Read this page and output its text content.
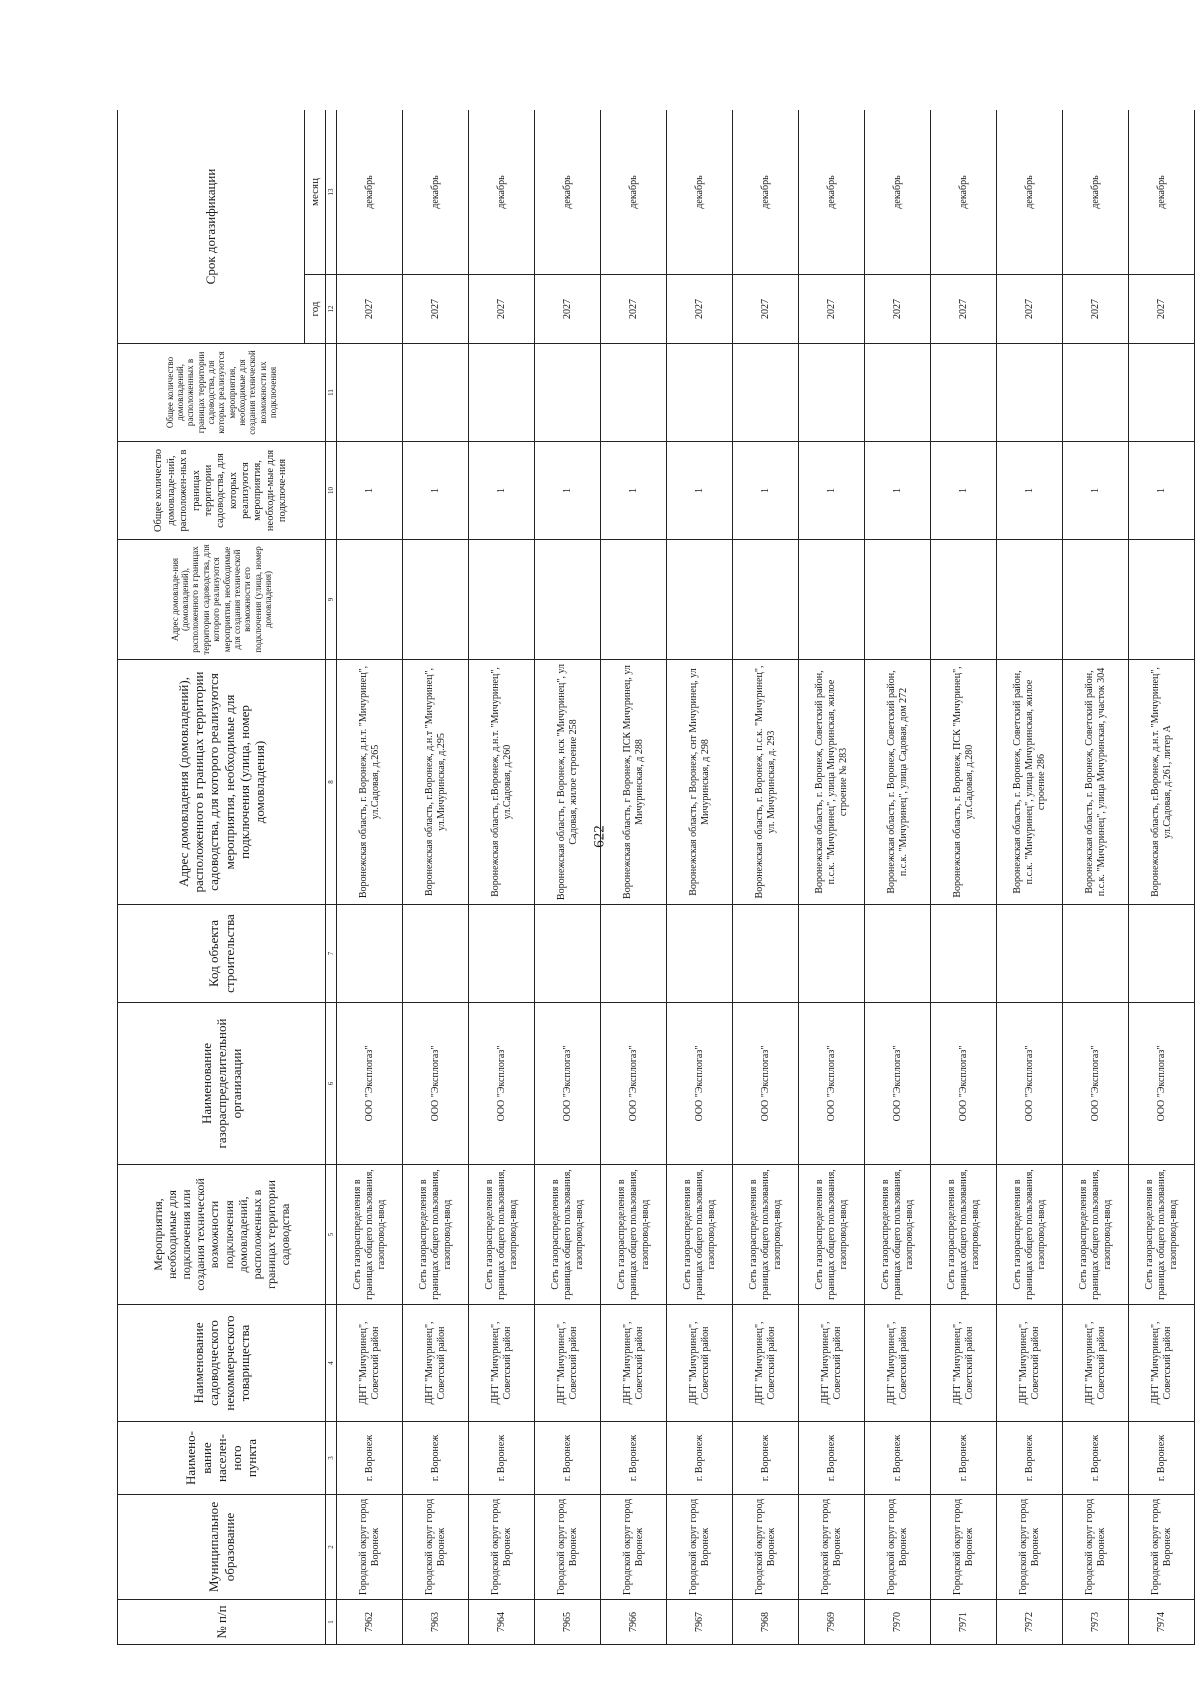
622
№ п/п	Муниципальное образование	Наимено-вание населен-ного пункта	Наименование садоводческого некоммерческого товарищества	Мероприятия, необходимые для подключения или создания технической возможности подключения домовладений, расположенных в границах территории садоводства	Наименование газораспределительной организации	Код объекта строительства	Адрес домовладения (домовладений), расположенного в границах территории садоводства, для которого реализуются мероприятия, необходимые для подключения (улица, номер домовладения)	Адрес домовладе-ния (домовладений), расположенного в границах территории садоводства, для которого реализуются мероприятия, необходимые для создания технической возможности его подключения (улица, номер домовладения)	Общее количество домовладе-ний, расположен-ных в границах территории садоводства, для которых реализуются мероприятия, необходи-мые для подключе-ния	Общее количество домовладений, расположенных в границах территории садоводства, для которых реализуются мероприятия, необходимые для создания технической возможности их подключения	Срок догазификации	
											год	месяц
1	2	3	4	5	6	7	8	9	10	11	12	13
7962	Городской округ город Воронеж	г. Воронеж	ДНТ "Мичуринец", Советский район	Сеть газораспределения в границах общего пользования, газопровод-ввод	ООО "Эксплогаз"		Воронежская область, г. Воронеж, д.н.т. "Мичуринец", ул.Садовая, д.265		1		2027	декабрь
7963	Городской округ город Воронеж	г. Воронеж	ДНТ "Мичуринец", Советский район	Сеть газораспределения в границах общего пользования, газопровод-ввод	ООО "Эксплогаз"		Воронежская область, г.Воронеж, д.н.т "Мичуринец", ул.Мичуринская, д.295		1		2027	декабрь
7964	Городской округ город Воронеж	г. Воронеж	ДНТ "Мичуринец", Советский район	Сеть газораспределения в границах общего пользования, газопровод-ввод	ООО "Эксплогаз"		Воронежская область, г.Воронеж, д.н.т. "Мичуринец", ул.Садовая, д.260		1		2027	декабрь
7965	Городской округ город Воронеж	г. Воронеж	ДНТ "Мичуринец", Советский район	Сеть газораспределения в границах общего пользования, газопровод-ввод	ООО "Эксплогаз"		Воронежская область, г Воронеж, нск "Мичуринец", ул Садовая, жилое строение 258		1		2027	декабрь
7966	Городской округ город Воронеж	г. Воронеж	ДНТ "Мичуринец", Советский район	Сеть газораспределения в границах общего пользования, газопровод-ввод	ООО "Эксплогаз"		Воронежская область, г Воронеж, ПСК Мичуринец, ул Мичуринская, д 288		1		2027	декабрь
7967	Городской округ город Воронеж	г. Воронеж	ДНТ "Мичуринец", Советский район	Сеть газораспределения в границах общего пользования, газопровод-ввод	ООО "Эксплогаз"		Воронежская область, г Воронеж, снт Мичуринец, ул Мичуринская, д 298		1		2027	декабрь
7968	Городской округ город Воронеж	г. Воронеж	ДНТ "Мичуринец", Советский район	Сеть газораспределения в границах общего пользования, газопровод-ввод	ООО "Эксплогаз"		Воронежская область, г. Воронеж, п.с.к. "Мичуринец", ул. Мичуринская, д. 293		1		2027	декабрь
7969	Городской округ город Воронеж	г. Воронеж	ДНТ "Мичуринец", Советский район	Сеть газораспределения в границах общего пользования, газопровод-ввод	ООО "Эксплогаз"		Воронежская область, г. Воронеж, Советский район, п.с.к. "Мичуринец", улица Мичуринская, жилое строение № 283		1		2027	декабрь
7970	Городской округ город Воронеж	г. Воронеж	ДНТ "Мичуринец", Советский район	Сеть газораспределения в границах общего пользования, газопровод-ввод	ООО "Эксплогаз"		Воронежская область, г. Воронеж, Советский район, п.с.к. "Мичуринец", улица Садовая, дом 272		1		2027	декабрь
7971	Городской округ город Воронеж	г. Воронеж	ДНТ "Мичуринец", Советский район	Сеть газораспределения в границах общего пользования, газопровод-ввод	ООО "Эксплогаз"		Воронежская область, г. Воронеж, ПСК "Мичуринец", ул.Садовая, д.280		1		2027	декабрь
7972	Городской округ город Воронеж	г. Воронеж	ДНТ "Мичуринец", Советский район	Сеть газораспределения в границах общего пользования, газопровод-ввод	ООО "Эксплогаз"		Воронежская область, г. Воронеж, Советский район, п.с.к. "Мичуринец", улица Мичуринская, жилое строение 286		1		2027	декабрь
7973	Городской округ город Воронеж	г. Воронеж	ДНТ "Мичуринец", Советский район	Сеть газораспределения в границах общего пользования, газопровод-ввод	ООО "Эксплогаз"		Воронежская область, г. Воронеж, Советский район, п.с.к. "Мичуринец", улица Мичуринская, участок 304		1		2027	декабрь
7974	Городской округ город Воронеж	г. Воронеж	ДНТ "Мичуринец", Советский район	Сеть газораспределения в границах общего пользования, газопровод-ввод	ООО "Эксплогаз"		Воронежская область, г.Воронеж, д.н.т. "Мичуринец", ул.Садовая, д.261, литер А		1		2027	декабрь
